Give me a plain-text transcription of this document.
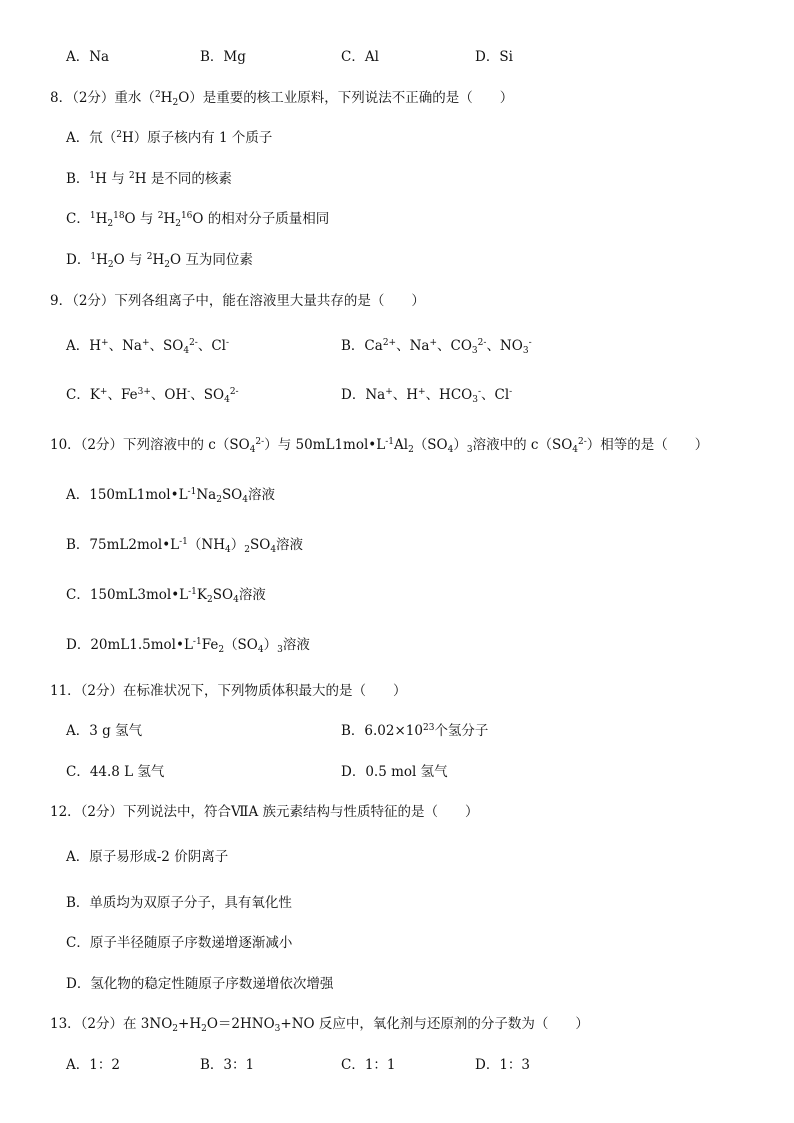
A．Na	B．Mg	C．Al	D．Si
8．（2分）重水$(^2H_2O)$是重要的核工业原料，下列说法不正确的是（　　）
A．氘（$^2$H）原子核内有 1 个质子
B．$^1$H 与 $^2$H 是不同的核素
C．$^1H_2^{18}O$ 与 $^2H_2^{16}O$ 的相对分子质量相同
D．$^1H_2O$ 与 $^2H_2O$ 互为同位素
9．（2分）下列各组离子中，能在溶液里大量共存的是（　　）
A．H+、Na+、$SO_4^{2-}$、Cl-	B．$Ca^{2+}$、Na+、$CO_3^{2-}$、$NO_3^-$
C．K+、$Fe^{3+}$、OH-、$SO_4^{2-}$	D．Na+、H+、$HCO_3^-$、Cl-
10．（2分）下列溶液中的 $c(SO_4^{2-})$与 $50mL1mol•L^{-1}Al_2(SO_4)_3$溶液中的 $c(SO_4^{2-})$相等的是（　　）
A．$150mL1mol•L^{-1}Na_2SO_4$溶液
B．$75mL2mol•L^{-1}(NH_4)_2SO_4$溶液
C．$150mL3mol•L^{-1}K_2SO_4$溶液
D．$20mL1.5mol•L^{-1}Fe_2(SO_4)_3$溶液
11．（2分）在标准状况下，下列物质体积最大的是（　　）
A．3 g 氢气	B．$6.02\times 10^{23}$个氢分子
C．44.8 L 氢气	D．0.5 mol 氢气
12．（2分）下列说法中，符合ⅦA 族元素结构与性质特征的是（　　）
A．原子易形成-2 价阴离子
B．单质均为双原子分子，具有氧化性
C．原子半径随原子序数递增逐渐减小
D．氢化物的稳定性随原子序数递增依次增强
13．（2分）在 $3NO_2+H_2O=2HNO_3+NO$ 反应中，氧化剂与还原剂的分子数为（　　）
A．1：2	B．3：1	C．1：1	D．1：3
